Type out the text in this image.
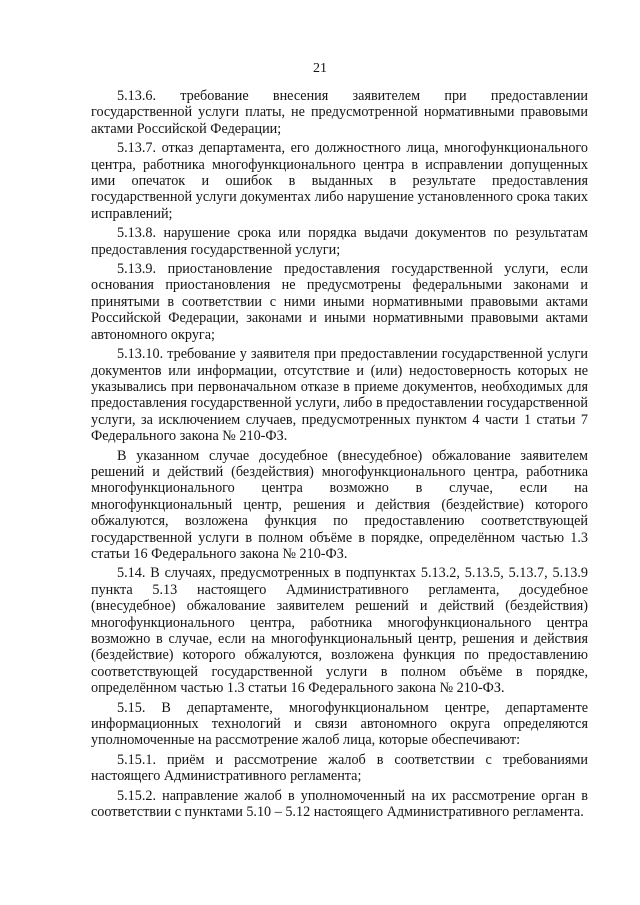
21

5.13.6. требование внесения заявителем при предоставлении государственной услуги платы, не предусмотренной нормативными правовыми актами Российской Федерации;

5.13.7. отказ департамента, его должностного лица, многофункционального центра, работника многофункционального центра в исправлении допущенных ими опечаток и ошибок в выданных в результате предоставления государственной услуги документах либо нарушение установленного срока таких исправлений;

5.13.8. нарушение срока или порядка выдачи документов по результатам предоставления государственной услуги;

5.13.9. приостановление предоставления государственной услуги, если основания приостановления не предусмотрены федеральными законами и принятыми в соответствии с ними иными нормативными правовыми актами Российской Федерации, законами и иными нормативными правовыми актами автономного округа;

5.13.10. требование у заявителя при предоставлении государственной услуги документов или информации, отсутствие и (или) недостоверность которых не указывались при первоначальном отказе в приеме документов, необходимых для предоставления государственной услуги, либо в предоставлении государственной услуги, за исключением случаев, предусмотренных пунктом 4 части 1 статьи 7 Федерального закона № 210-ФЗ.

В указанном случае досудебное (внесудебное) обжалование заявителем решений и действий (бездействия) многофункционального центра, работника многофункционального центра возможно в случае, если на многофункциональный центр, решения и действия (бездействие) которого обжалуются, возложена функция по предоставлению соответствующей государственной услуги в полном объёме в порядке, определённом частью 1.3 статьи 16 Федерального закона № 210-ФЗ.

5.14. В случаях, предусмотренных в подпунктах 5.13.2, 5.13.5, 5.13.7, 5.13.9 пункта 5.13 настоящего Административного регламента, досудебное (внесудебное) обжалование заявителем решений и действий (бездействия) многофункционального центра, работника многофункционального центра возможно в случае, если на многофункциональный центр, решения и действия (бездействие) которого обжалуются, возложена функция по предоставлению соответствующей государственной услуги в полном объёме в порядке, определённом частью 1.3 статьи 16 Федерального закона № 210-ФЗ.

5.15. В департаменте, многофункциональном центре, департаменте информационных технологий и связи автономного округа определяются уполномоченные на рассмотрение жалоб лица, которые обеспечивают:

5.15.1. приём и рассмотрение жалоб в соответствии с требованиями настоящего Административного регламента;

5.15.2. направление жалоб в уполномоченный на их рассмотрение орган в соответствии с пунктами 5.10 – 5.12 настоящего Административного регламента.
